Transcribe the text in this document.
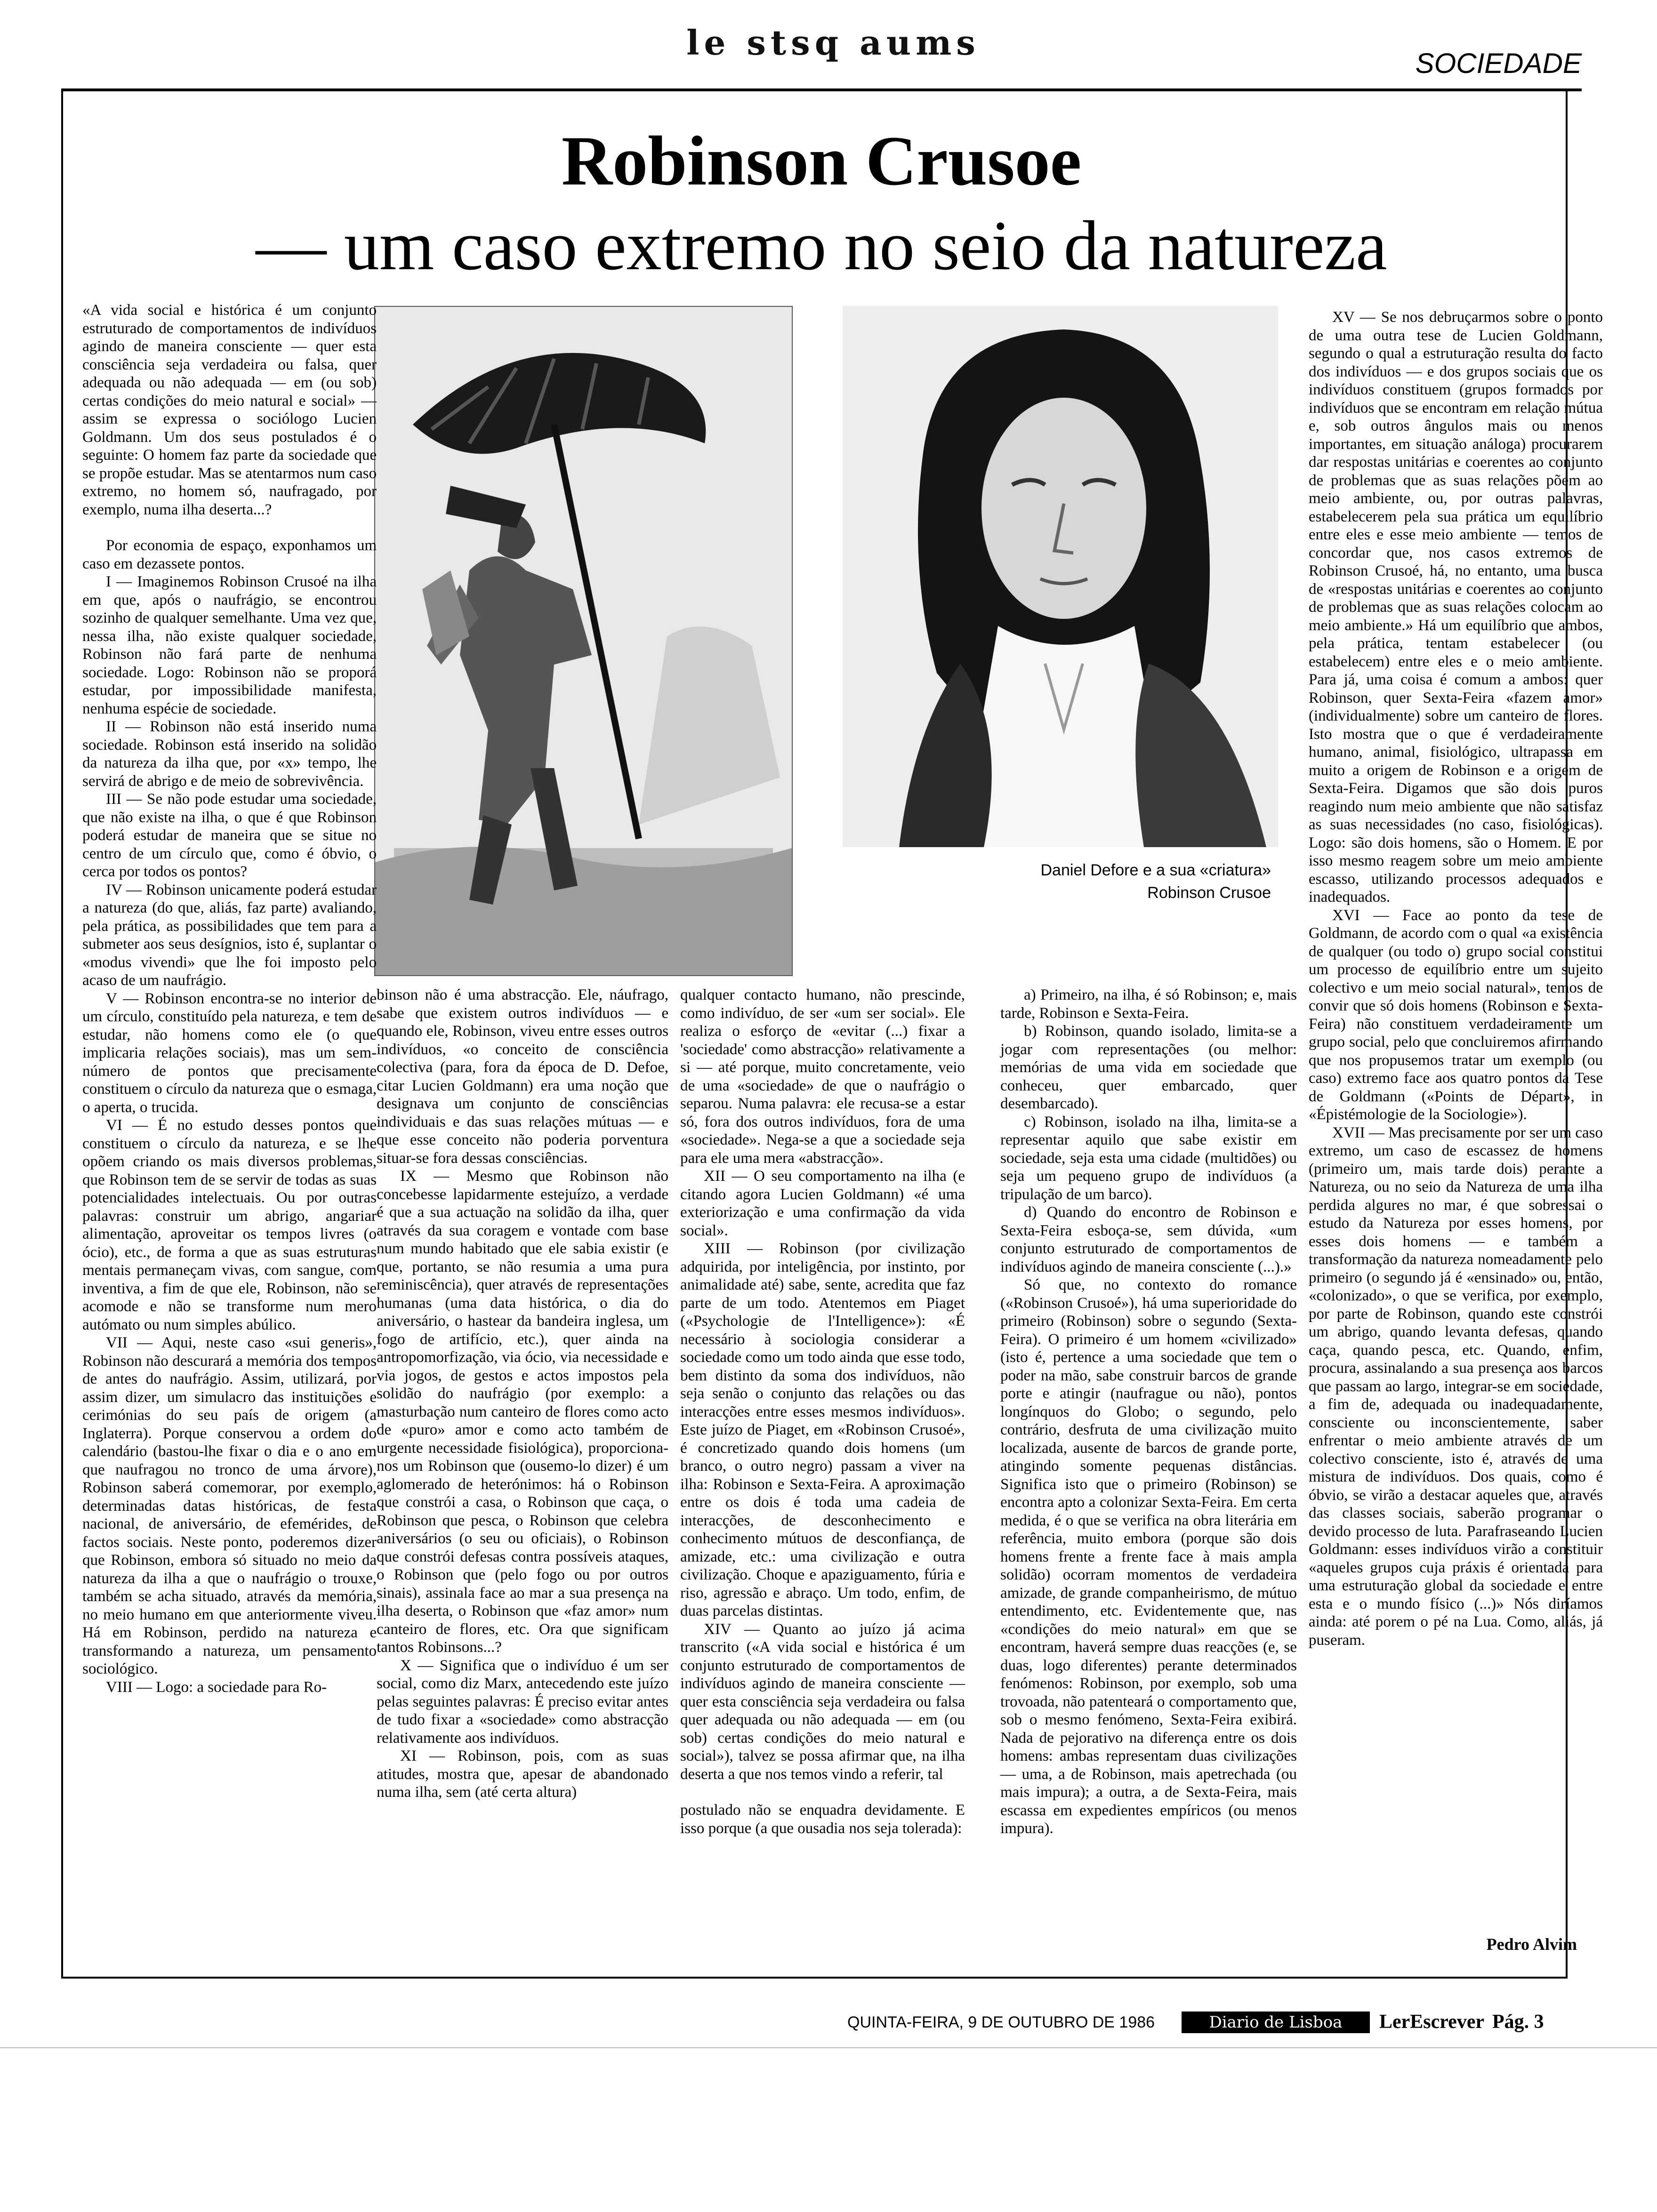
le stsq aums
SOCIEDADE
Robinson Crusoe
— um caso extremo no seio da natureza
Daniel Defore e a sua «criatura»
Robinson Crusoe

«A vida social e histórica é um conjunto estruturado de comportamentos de indivíduos agindo de maneira consciente — quer esta consciência seja verdadeira ou falsa, quer adequada ou não adequada — em (ou sob) certas condições do meio natural e social» — assim se expressa o sociólogo Lucien Goldmann. Um dos seus postulados é o seguinte: O homem faz parte da sociedade que se propõe estudar. Mas se atentarmos num caso extremo, no homem só, naufragado, por exemplo, numa ilha deserta...?

Por economia de espaço, exponhamos um caso em dezassete pontos.

I — Imaginemos Robinson Crusoé na ilha em que, após o naufrágio, se encontrou sozinho de qualquer semelhante. Uma vez que, nessa ilha, não existe qualquer sociedade, Robinson não fará parte de nenhuma sociedade. Logo: Robinson não se proporá estudar, por impossibilidade manifesta, nenhuma espécie de sociedade.

II — Robinson não está inserido numa sociedade. Robinson está inserido na solidão da natureza da ilha que, por «x» tempo, lhe servirá de abrigo e de meio de sobrevivência.

III — Se não pode estudar uma sociedade, que não existe na ilha, o que é que Robinson poderá estudar de maneira que se situe no centro de um círculo que, como é óbvio, o cerca por todos os pontos?

IV — Robinson unicamente poderá estudar a natureza (do que, aliás, faz parte) avaliando, pela prática, as possibilidades que tem para a submeter aos seus desígnios, isto é, suplantar o «modus vivendi» que lhe foi imposto pelo acaso de um naufrágio.

V — Robinson encontra-se no interior de um círculo, constituído pela natureza, e tem de estudar, não homens como ele (o que implicaria relações sociais), mas um sem-número de pontos que precisamente constituem o círculo da natureza que o esmaga, o aperta, o trucida.

VI — É no estudo desses pontos que constituem o círculo da natureza, e se lhe opõem criando os mais diversos problemas, que Robinson tem de se servir de todas as suas potencialidades intelectuais. Ou por outras palavras: construir um abrigo, angariar alimentação, aproveitar os tempos livres (o ócio), etc., de forma a que as suas estruturas mentais permaneçam vivas, com sangue, com inventiva, a fim de que ele, Robinson, não se acomode e não se transforme num mero autómato ou num simples abúlico.

VII — Aqui, neste caso «sui generis», Robinson não descurará a memória dos tempos de antes do naufrágio. Assim, utilizará, por assim dizer, um simulacro das instituições e cerimónias do seu país de origem (a Inglaterra). Porque conservou a ordem do calendário (bastou-lhe fixar o dia e o ano em que naufragou no tronco de uma árvore), Robinson saberá comemorar, por exemplo, determinadas datas históricas, de festa nacional, de aniversário, de efemérides, de factos sociais. Neste ponto, poderemos dizer que Robinson, embora só situado no meio da natureza da ilha a que o naufrágio o trouxe, também se acha situado, através da memória, no meio humano em que anteriormente viveu. Há em Robinson, perdido na natureza e transformando a natureza, um pensamento sociológico.

VIII — Logo: a sociedade para Ro-

binson não é uma abstracção. Ele, náufrago, sabe que existem outros indivíduos — e quando ele, Robinson, viveu entre esses outros indivíduos, «o conceito de consciência colectiva (para, fora da época de D. Defoe, citar Lucien Goldmann) era uma noção que designava um conjunto de consciências individuais e das suas relações mútuas — e que esse conceito não poderia porventura situar-se fora dessas consciências.

IX — Mesmo que Robinson não concebesse lapidarmente estejuízo, a verdade é que a sua actuação na solidão da ilha, quer através da sua coragem e vontade com base num mundo habitado que ele sabia existir (e que, portanto, se não resumia a uma pura reminiscência), quer através de representações humanas (uma data histórica, o dia do aniversário, o hastear da bandeira inglesa, um fogo de artifício, etc.), quer ainda na antropomorfização, via ócio, via necessidade e via jogos, de gestos e actos impostos pela solidão do naufrágio (por exemplo: a masturbação num canteiro de flores como acto de «puro» amor e como acto também de urgente necessidade fisiológica), proporciona-nos um Robinson que (ousemo-lo dizer) é um aglomerado de heterónimos: há o Robinson que constrói a casa, o Robinson que caça, o Robinson que pesca, o Robinson que celebra aniversários (o seu ou oficiais), o Robinson que constrói defesas contra possíveis ataques, o Robinson que (pelo fogo ou por outros sinais), assinala face ao mar a sua presença na ilha deserta, o Robinson que «faz amor» num canteiro de flores, etc. Ora que significam tantos Robinsons...?

X — Significa que o indivíduo é um ser social, como diz Marx, antecedendo este juízo pelas seguintes palavras: É preciso evitar antes de tudo fixar a «sociedade» como abstracção relativamente aos indivíduos.

XI — Robinson, pois, com as suas atitudes, mostra que, apesar de abandonado numa ilha, sem (até certa altura)

qualquer contacto humano, não prescinde, como indivíduo, de ser «um ser social». Ele realiza o esforço de «evitar (...) fixar a 'sociedade' como abstracção» relativamente a si — até porque, muito concretamente, veio de uma «sociedade» de que o naufrágio o separou. Numa palavra: ele recusa-se a estar só, fora dos outros indivíduos, fora de uma «sociedade». Nega-se a que a sociedade seja para ele uma mera «abstracção».

XII — O seu comportamento na ilha (e citando agora Lucien Goldmann) «é uma exteriorização e uma confirmação da vida social».

XIII — Robinson (por civilização adquirida, por inteligência, por instinto, por animalidade até) sabe, sente, acredita que faz parte de um todo. Atentemos em Piaget («Psychologie de l'Intelligence»): «É necessário à sociologia considerar a sociedade como um todo ainda que esse todo, bem distinto da soma dos indivíduos, não seja senão o conjunto das relações ou das interacções entre esses mesmos indivíduos». Este juízo de Piaget, em «Robinson Crusoé», é concretizado quando dois homens (um branco, o outro negro) passam a viver na ilha: Robinson e Sexta-Feira. A aproximação entre os dois é toda uma cadeia de interacções, de desconhecimento e conhecimento mútuos de desconfiança, de amizade, etc.: uma civilização e outra civilização. Choque e apaziguamento, fúria e riso, agressão e abraço. Um todo, enfim, de duas parcelas distintas.

XIV — Quanto ao juízo já acima transcrito («A vida social e histórica é um conjunto estruturado de comportamentos de indivíduos agindo de maneira consciente — quer esta consciência seja verdadeira ou falsa quer adequada ou não adequada — em (ou sob) certas condições do meio natural e social»), talvez se possa afirmar que, na ilha deserta a que nos temos vindo a referir, tal

postulado não se enquadra devidamente. E isso porque (a que ousadia nos seja tolerada):

a) Primeiro, na ilha, é só Robinson; e, mais tarde, Robinson e Sexta-Feira.

b) Robinson, quando isolado, limita-se a jogar com representações (ou melhor: memórias de uma vida em sociedade que conheceu, quer embarcado, quer desembarcado).

c) Robinson, isolado na ilha, limita-se a representar aquilo que sabe existir em sociedade, seja esta uma cidade (multidões) ou seja um pequeno grupo de indivíduos (a tripulação de um barco).

d) Quando do encontro de Robinson e Sexta-Feira esboça-se, sem dúvida, «um conjunto estruturado de comportamentos de indivíduos agindo de maneira consciente (...).»

Só que, no contexto do romance («Robinson Crusoé»), há uma superioridade do primeiro (Robinson) sobre o segundo (Sexta-Feira). O primeiro é um homem «civilizado» (isto é, pertence a uma sociedade que tem o poder na mão, sabe construir barcos de grande porte e atingir (naufrague ou não), pontos longínquos do Globo; o segundo, pelo contrário, desfruta de uma civilização muito localizada, ausente de barcos de grande porte, atingindo somente pequenas distâncias. Significa isto que o primeiro (Robinson) se encontra apto a colonizar Sexta-Feira. Em certa medida, é o que se verifica na obra literária em referência, muito embora (porque são dois homens frente a frente face à mais ampla solidão) ocorram momentos de verdadeira amizade, de grande companheirismo, de mútuo entendimento, etc. Evidentemente que, nas «condições do meio natural» em que se encontram, haverá sempre duas reacções (e, se duas, logo diferentes) perante determinados fenómenos: Robinson, por exemplo, sob uma trovoada, não patenteará o comportamento que, sob o mesmo fenómeno, Sexta-Feira exibirá. Nada de pejorativo na diferença entre os dois homens: ambas representam duas civilizações — uma, a de Robinson, mais apetrechada (ou mais impura); a outra, a de Sexta-Feira, mais escassa em expedientes empíricos (ou menos impura).

XV — Se nos debruçarmos sobre o ponto de uma outra tese de Lucien Goldmann, segundo o qual a estruturação resulta do facto dos indivíduos — e dos grupos sociais que os indivíduos constituem (grupos formados por indivíduos que se encontram em relação mútua e, sob outros ângulos mais ou menos importantes, em situação análoga) procurarem dar respostas unitárias e coerentes ao conjunto de problemas que as suas relações põem ao meio ambiente, ou, por outras palavras, estabelecerem pela sua prática um equilíbrio entre eles e esse meio ambiente — temos de concordar que, nos casos extremos de Robinson Crusoé, há, no entanto, uma busca de «respostas unitárias e coerentes ao conjunto de problemas que as suas relações colocam ao meio ambiente.» Há um equilíbrio que ambos, pela prática, tentam estabelecer (ou estabelecem) entre eles e o meio ambiente. Para já, uma coisa é comum a ambos: quer Robinson, quer Sexta-Feira «fazem amor» (individualmente) sobre um canteiro de flores. Isto mostra que o que é verdadeiramente humano, animal, fisiológico, ultrapassa em muito a origem de Robinson e a origem de Sexta-Feira. Digamos que são dois puros reagindo num meio ambiente que não satisfaz as suas necessidades (no caso, fisiológicas). Logo: são dois homens, são o Homem. E por isso mesmo reagem sobre um meio ambiente escasso, utilizando processos adequados e inadequados.

XVI — Face ao ponto da tese de Goldmann, de acordo com o qual «a existência de qualquer (ou todo o) grupo social constitui um processo de equilíbrio entre um sujeito colectivo e um meio social natural», temos de convir que só dois homens (Robinson e Sexta-Feira) não constituem verdadeiramente um grupo social, pelo que concluiremos afirmando que nos propusemos tratar um exemplo (ou caso) extremo face aos quatro pontos da Tese de Goldmann («Points de Départ», in «Épistémologie de la Sociologie»).

XVII — Mas precisamente por ser um caso extremo, um caso de escassez de homens (primeiro um, mais tarde dois) perante a Natureza, ou no seio da Natureza de uma ilha perdida algures no mar, é que sobressai o estudo da Natureza por esses homens, por esses dois homens — e também a transformação da natureza nomeadamente pelo primeiro (o segundo já é «ensinado» ou, então, «colonizado», o que se verifica, por exemplo, por parte de Robinson, quando este constrói um abrigo, quando levanta defesas, quando caça, quando pesca, etc. Quando, enfim, procura, assinalando a sua presença aos barcos que passam ao largo, integrar-se em sociedade, a fim de, adequada ou inadequadamente, consciente ou inconscientemente, saber enfrentar o meio ambiente através de um colectivo consciente, isto é, através de uma mistura de indivíduos. Dos quais, como é óbvio, se virão a destacar aqueles que, através das classes sociais, saberão programar o devido processo de luta. Parafraseando Lucien Goldmann: esses indivíduos virão a constituir «aqueles grupos cuja práxis é orientada para uma estruturação global da sociedade e entre esta e o mundo físico (...)» Nós diríamos ainda: até porem o pé na Lua. Como, aliás, já puseram.

Pedro Alvim
QUINTA-FEIRA, 9 DE OUTUBRO DE 1986	Diario de Lisboa	LerEscrever Pág. 3
